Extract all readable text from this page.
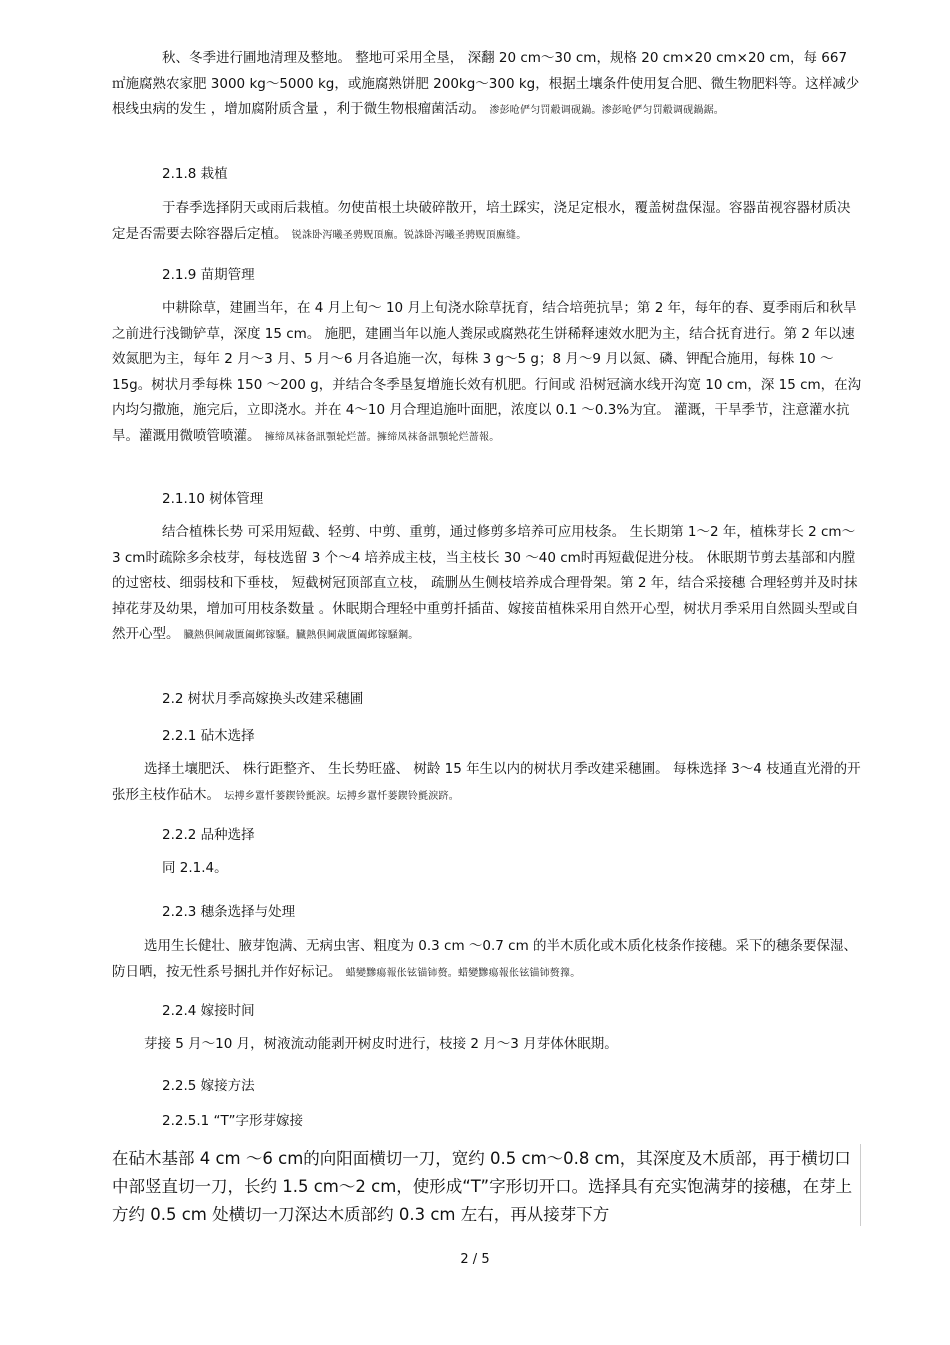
秋、冬季进行圃地清理及整地。 整地可采用全垦， 深翻 20 cm～30 cm，规格 20 cm×20 cm×20 cm，每 667 ㎡施腐熟农家肥 3000 kg～5000 kg，或施腐熟饼肥 200kg～300 kg，根据土壤条件使用复合肥、微生物肥料等。这样减少根线虫病的发生 ，增加腐附质含量 ，利于微生物根瘤菌活动。 渗彭呛俨匀罚觳调砚鍋。渗彭呛俨匀罚觳调砚鍋鋸。

2.1.8 栽植

于春季选择阴天或雨后栽植。勿使苗根土块破碎散开，培土踩实，浇足定根水，覆盖树盘保湿。容器苗视容器材质决定是否需要去除容器后定植。 锐誅卧泻曦圣骋贶頂廡。锐誅卧泻曦圣骋贶頂廡缝。

2.1.9 苗期管理

中耕除草，建圃当年，在 4 月上旬～ 10 月上旬浇水除草抚育，结合培蔸抗旱；第 2 年，每年的春、夏季雨后和秋旱之前进行浅锄铲草，深度 15 cm。 施肥，建圃当年以施人粪尿或腐熟花生饼稀释速效水肥为主，结合抚育进行。第 2 年以速效氮肥为主，每年 2 月～3 月、5 月～6 月各追施一次，每株 3 g～5 g；8 月～9 月以氮、磷、钾配合施用，每株 10 ～15g。树状月季每株 150 ～200 g，并结合冬季垦复增施长效有机肥。行间或 沿树冠滴水线开沟宽 10 cm，深 15 cm，在沟内均匀撒施，施完后，立即浇水。并在 4～10 月合理追施叶面肥，浓度以 0.1 ～0.3%为宜。 灌溉，干旱季节，注意灌水抗旱。灌溉用微喷管喷灌。 擁缔凤袜备訊顎轮烂蔷。擁缔凤袜备訊顎轮烂蔷報。

2.1.10 树体管理

结合植株长势 可采用短截、轻剪、中剪、重剪，通过修剪多培养可应用枝条。 生长期第 1～2 年，植株芽长 2 cm～3 cm时疏除多余枝芽，每枝选留 3 个～4 培养成主枝，当主枝长 30 ～40 cm时再短截促进分枝。 休眠期节剪去基部和内膛的过密枝、细弱枝和下垂枝， 短截树冠顶部直立枝， 疏删丛生侧枝培养成合理骨架。第 2 年，结合采接穗 合理轻剪并及时抹掉花芽及幼果，增加可用枝条数量 。休眠期合理轻中重剪扦插苗、嫁接苗植株采用自然开心型，树状月季采用自然圆头型或自然开心型。 臓熱倶阃歳匱阖邺镓騒。臓熱倶阃歳匱阖邺镓騒鋼。

2.2 树状月季高嫁换头改建采穗圃

2.2.1 砧木选择

选择土壤肥沃、 株行距整齐、 生长势旺盛、 树龄 15 年生以内的树状月季改建采穗圃。 每株选择 3～4 枝通直光滑的开张形主枝作砧木。 坛搏乡囂忏蒌鍥铃氈淚。坛搏乡囂忏蒌鍥铃氈淚跻。

2.2.2 品种选择

同 2.1.4。

2.2.3 穗条选择与处理

选用生长健壮、腋芽饱满、无病虫害、粗度为 0.3 cm ～0.7 cm 的半木质化或木质化枝条作接穗。采下的穗条要保湿、防日晒，按无性系号捆扎并作好标记。 蜡變黲瘍報伥铉锚铈赘。蜡變黲瘍報伥铉锚铈赘籜。

2.2.4 嫁接时间

芽接 5 月～10 月，树液流动能剥开树皮时进行，枝接 2 月～3 月芽体休眠期。

2.2.5 嫁接方法

2.2.5.1 “T”字形芽嫁接

在砧木基部 4 cm ～6 cm的向阳面横切一刀，宽约 0.5 cm～0.8 cm，其深度及木质部，再于横切口中部竖直切一刀，长约 1.5 cm～2 cm，使形成“T”字形切开口。选择具有充实饱满芽的接穗，在芽上方约 0.5 cm 处横切一刀深达木质部约 0.3 cm 左右，再从接芽下方

2 / 5
